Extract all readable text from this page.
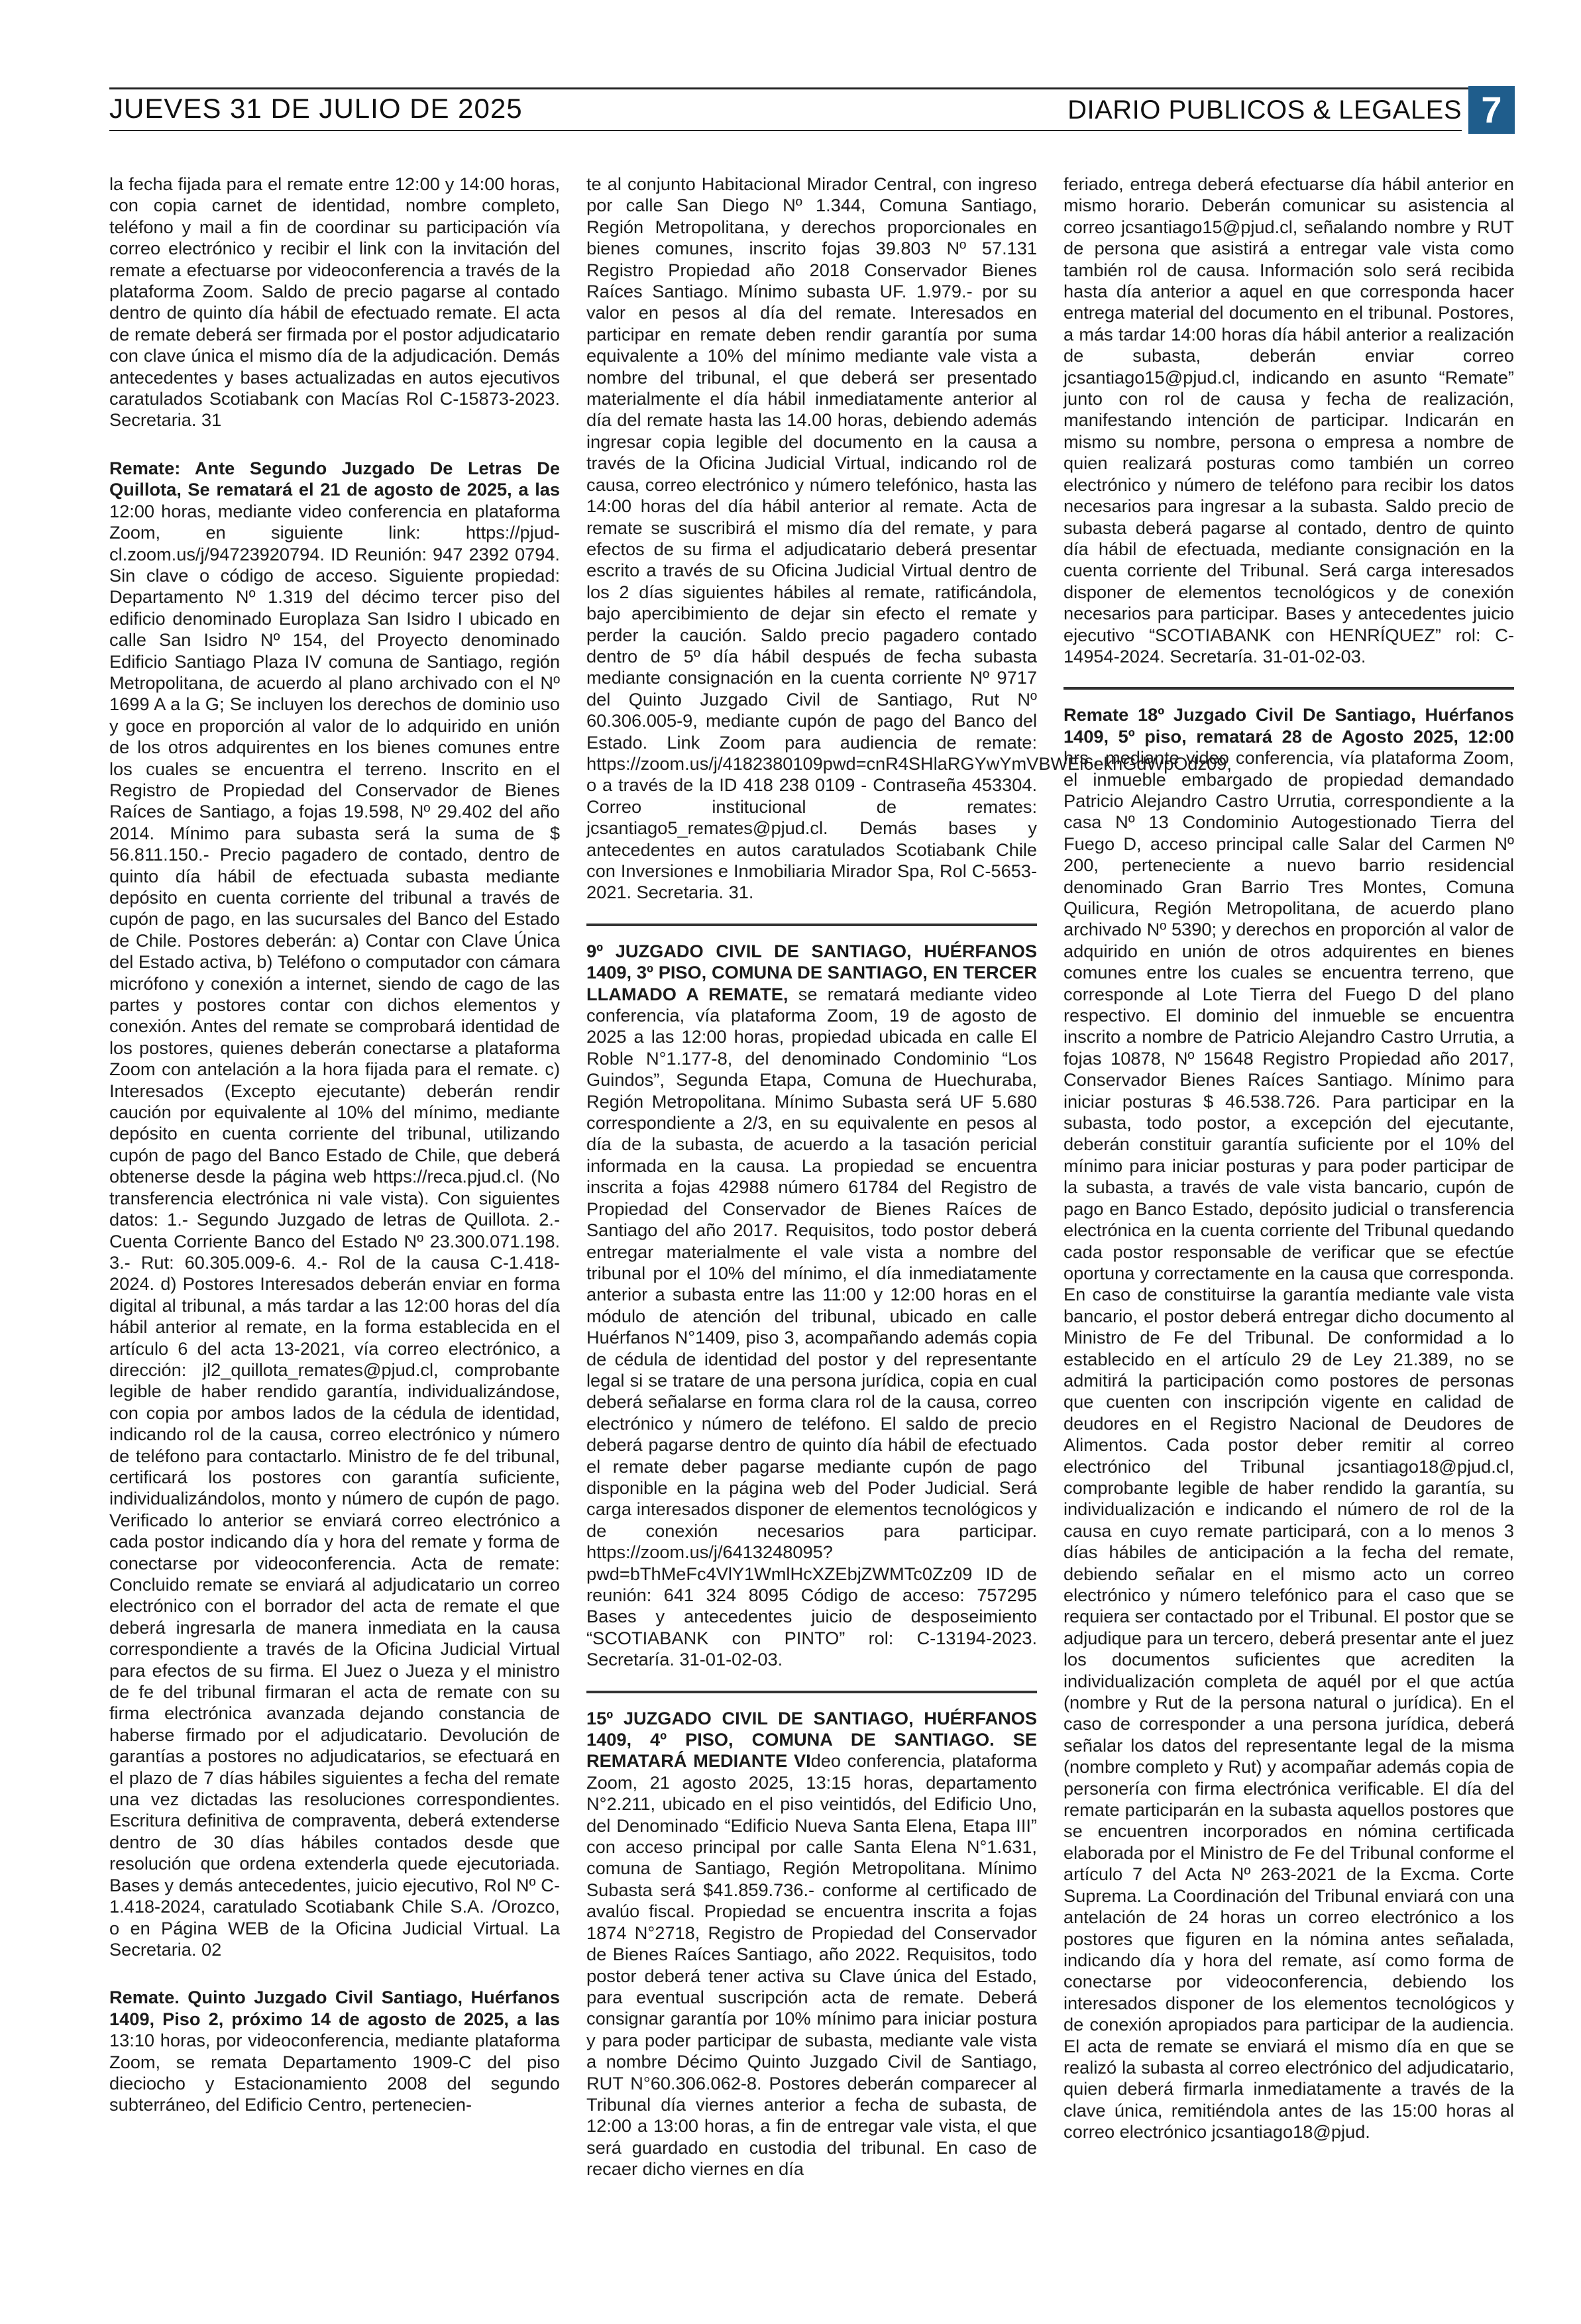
JUEVES 31 DE JULIO DE 2025	DIARIO PUBLICOS & LEGALES 7

la fecha fijada para el remate entre 12:00 y 14:00 horas, con copia carnet de identidad, nombre completo, teléfono y mail a fin de coordinar su participación vía correo electrónico y recibir el link con la invitación del remate a efectuarse por videoconferencia a través de la plataforma Zoom. Saldo de precio pagarse al contado dentro de quinto día hábil de efectuado remate. El acta de remate deberá ser firmada por el postor adjudicatario con clave única el mismo día de la adjudicación. Demás antecedentes y bases actualizadas en autos ejecutivos caratulados Scotiabank con Macías Rol C-15873-2023. Secretaria. 31

Remate: Ante Segundo Juzgado De Letras De Quillota, Se rematará el 21 de agosto de 2025, a las 12:00 horas, mediante video conferencia en plataforma Zoom, en siguiente link: https://pjud-cl.zoom.us/j/94723920794. ID Reunión: 947 2392 0794. Sin clave o código de acceso. Siguiente propiedad: Departamento Nº 1.319 del décimo tercer piso del edificio denominado Europlaza San Isidro I ubicado en calle San Isidro Nº 154, del Proyecto denominado Edificio Santiago Plaza IV comuna de Santiago, región Metropolitana, de acuerdo al plano archivado con el Nº 1699 A a la G; Se incluyen los derechos de dominio uso y goce en proporción al valor de lo adquirido en unión de los otros adquirentes en los bienes comunes entre los cuales se encuentra el terreno. Inscrito en el Registro de Propiedad del Conservador de Bienes Raíces de Santiago, a fojas 19.598, Nº 29.402 del año 2014. Mínimo para subasta será la suma de $ 56.811.150.- Precio pagadero de contado, dentro de quinto día hábil de efectuada subasta mediante depósito en cuenta corriente del tribunal a través de cupón de pago, en las sucursales del Banco del Estado de Chile. Postores deberán: a) Contar con Clave Única del Estado activa, b) Teléfono o computador con cámara micrófono y conexión a internet, siendo de cago de las partes y postores contar con dichos elementos y conexión. Antes del remate se comprobará identidad de los postores, quienes deberán conectarse a plataforma Zoom con antelación a la hora fijada para el remate. c) Interesados (Excepto ejecutante) deberán rendir caución por equivalente al 10% del mínimo, mediante depósito en cuenta corriente del tribunal, utilizando cupón de pago del Banco Estado de Chile, que deberá obtenerse desde la página web https://reca.pjud.cl. (No transferencia electrónica ni vale vista). Con siguientes datos: 1.- Segundo Juzgado de letras de Quillota. 2.- Cuenta Corriente Banco del Estado Nº 23.300.071.198. 3.- Rut: 60.305.009-6. 4.- Rol de la causa C-1.418-2024. d) Postores Interesados deberán enviar en forma digital al tribunal, a más tardar a las 12:00 horas del día hábil anterior al remate, en la forma establecida en el artículo 6 del acta 13-2021, vía correo electrónico, a dirección: jl2_quillota_remates@pjud.cl, comprobante legible de haber rendido garantía, individualizándose, con copia por ambos lados de la cédula de identidad, indicando rol de la causa, correo electrónico y número de teléfono para contactarlo. Ministro de fe del tribunal, certificará los postores con garantía suficiente, individualizándolos, monto y número de cupón de pago. Verificado lo anterior se enviará correo electrónico a cada postor indicando día y hora del remate y forma de conectarse por videoconferencia. Acta de remate: Concluido remate se enviará al adjudicatario un correo electrónico con el borrador del acta de remate el que deberá ingresarla de manera inmediata en la causa correspondiente a través de la Oficina Judicial Virtual para efectos de su firma. El Juez o Jueza y el ministro de fe del tribunal firmaran el acta de remate con su firma electrónica avanzada dejando constancia de haberse firmado por el adjudicatario. Devolución de garantías a postores no adjudicatarios, se efectuará en el plazo de 7 días hábiles siguientes a fecha del remate una vez dictadas las resoluciones correspondientes. Escritura definitiva de compraventa, deberá extenderse dentro de 30 días hábiles contados desde que resolución que ordena extenderla quede ejecutoriada. Bases y demás antecedentes, juicio ejecutivo, Rol Nº C-1.418-2024, caratulado Scotiabank Chile S.A. /Orozco, o en Página WEB de la Oficina Judicial Virtual. La Secretaria. 02

Remate. Quinto Juzgado Civil Santiago, Huérfanos 1409, Piso 2, próximo 14 de agosto de 2025, a las 13:10 horas, por videoconferencia, mediante plataforma Zoom, se remata Departamento 1909-C del piso dieciocho y Estacionamiento 2008 del segundo subterráneo, del Edificio Centro, pertenecien-

te al conjunto Habitacional Mirador Central, con ingreso por calle San Diego Nº 1.344, Comuna Santiago, Región Metropolitana, y derechos proporcionales en bienes comunes, inscrito fojas 39.803 Nº 57.131 Registro Propiedad año 2018 Conservador Bienes Raíces Santiago. Mínimo subasta UF. 1.979.- por su valor en pesos al día del remate. Interesados en participar en remate deben rendir garantía por suma equivalente a 10% del mínimo mediante vale vista a nombre del tribunal, el que deberá ser presentado materialmente el día hábil inmediatamente anterior al día del remate hasta las 14.00 horas, debiendo además ingresar copia legible del documento en la causa a través de la Oficina Judicial Virtual, indicando rol de causa, correo electrónico y número telefónico, hasta las 14:00 horas del día hábil anterior al remate. Acta de remate se suscribirá el mismo día del remate, y para efectos de su firma el adjudicatario deberá presentar escrito a través de su Oficina Judicial Virtual dentro de los 2 días siguientes hábiles al remate, ratificándola, bajo apercibimiento de dejar sin efecto el remate y perder la caución. Saldo precio pagadero contado dentro de 5º día hábil después de fecha subasta mediante consignación en la cuenta corriente Nº 9717 del Quinto Juzgado Civil de Santiago, Rut Nº 60.306.005-9, mediante cupón de pago del Banco del Estado. Link Zoom para audiencia de remate: https://zoom.us/j/4182380109pwd=cnR4SHlaRGYwYmVBWEl6ekhGdWpOdz09, o a través de la ID 418 238 0109 - Contraseña 453304. Correo institucional de remates: jcsantiago5_remates@pjud.cl. Demás bases y antecedentes en autos caratulados Scotiabank Chile con Inversiones e Inmobiliaria Mirador Spa, Rol C-5653-2021. Secretaria. 31.

9º JUZGADO CIVIL DE SANTIAGO, HUÉRFANOS 1409, 3º PISO, COMUNA DE SANTIAGO, EN TERCER LLAMADO A REMATE, se rematará mediante video conferencia, vía plataforma Zoom, 19 de agosto de 2025 a las 12:00 horas, propiedad ubicada en calle El Roble N°1.177-8, del denominado Condominio “Los Guindos”, Segunda Etapa, Comuna de Huechuraba, Región Metropolitana. Mínimo Subasta será UF 5.680 correspondiente a 2/3, en su equivalente en pesos al día de la subasta, de acuerdo a la tasación pericial informada en la causa. La propiedad se encuentra inscrita a fojas 42988 número 61784 del Registro de Propiedad del Conservador de Bienes Raíces de Santiago del año 2017. Requisitos, todo postor deberá entregar materialmente el vale vista a nombre del tribunal por el 10% del mínimo, el día inmediatamente anterior a subasta entre las 11:00 y 12:00 horas en el módulo de atención del tribunal, ubicado en calle Huérfanos N°1409, piso 3, acompañando además copia de cédula de identidad del postor y del representante legal si se tratare de una persona jurídica, copia en cual deberá señalarse en forma clara rol de la causa, correo electrónico y número de teléfono. El saldo de precio deberá pagarse dentro de quinto día hábil de efectuado el remate deber pagarse mediante cupón de pago disponible en la página web del Poder Judicial. Será carga interesados disponer de elementos tecnológicos y de conexión necesarios para participar. https://zoom.us/j/6413248095?pwd=bThMeFc4VlY1WmlHcXZEbjZWMTc0Zz09 ID de reunión: 641 324 8095 Código de acceso: 757295 Bases y antecedentes juicio de desposeimiento “SCOTIABANK con PINTO” rol: C-13194-2023. Secretaría. 31-01-02-03.

15º JUZGADO CIVIL DE SANTIAGO, HUÉRFANOS 1409, 4º PISO, COMUNA DE SANTIAGO. SE REMATARÁ MEDIANTE VIdeo conferencia, plataforma Zoom, 21 agosto 2025, 13:15 horas, departamento N°2.211, ubicado en el piso veintidós, del Edificio Uno, del Denominado “Edificio Nueva Santa Elena, Etapa III” con acceso principal por calle Santa Elena N°1.631, comuna de Santiago, Región Metropolitana. Mínimo Subasta será $41.859.736.- conforme al certificado de avalúo fiscal. Propiedad se encuentra inscrita a fojas 1874 N°2718, Registro de Propiedad del Conservador de Bienes Raíces Santiago, año 2022. Requisitos, todo postor deberá tener activa su Clave única del Estado, para eventual suscripción acta de remate. Deberá consignar garantía por 10% mínimo para iniciar postura y para poder participar de subasta, mediante vale vista a nombre Décimo Quinto Juzgado Civil de Santiago, RUT N°60.306.062-8. Postores deberán comparecer al Tribunal día viernes anterior a fecha de subasta, de 12:00 a 13:00 horas, a fin de entregar vale vista, el que será guardado en custodia del tribunal. En caso de recaer dicho viernes en día

feriado, entrega deberá efectuarse día hábil anterior en mismo horario. Deberán comunicar su asistencia al correo jcsantiago15@pjud.cl, señalando nombre y RUT de persona que asistirá a entregar vale vista como también rol de causa. Información solo será recibida hasta día anterior a aquel en que corresponda hacer entrega material del documento en el tribunal. Postores, a más tardar 14:00 horas día hábil anterior a realización de subasta, deberán enviar correo jcsantiago15@pjud.cl, indicando en asunto “Remate” junto con rol de causa y fecha de realización, manifestando intención de participar. Indicarán en mismo su nombre, persona o empresa a nombre de quien realizará posturas como también un correo electrónico y número de teléfono para recibir los datos necesarios para ingresar a la subasta. Saldo precio de subasta deberá pagarse al contado, dentro de quinto día hábil de efectuada, mediante consignación en la cuenta corriente del Tribunal. Será carga interesados disponer de elementos tecnológicos y de conexión necesarios para participar. Bases y antecedentes juicio ejecutivo “SCOTIABANK con HENRÍQUEZ” rol: C-14954-2024. Secretaría. 31-01-02-03.

Remate 18º Juzgado Civil De Santiago, Huérfanos 1409, 5º piso, rematará 28 de Agosto 2025, 12:00 hrs., mediante video conferencia, vía plataforma Zoom, el inmueble embargado de propiedad demandado Patricio Alejandro Castro Urrutia, correspondiente a la casa Nº 13 Condominio Autogestionado Tierra del Fuego D, acceso principal calle Salar del Carmen Nº 200, perteneciente a nuevo barrio residencial denominado Gran Barrio Tres Montes, Comuna Quilicura, Región Metropolitana, de acuerdo plano archivado Nº 5390; y derechos en proporción al valor de adquirido en unión de otros adquirentes en bienes comunes entre los cuales se encuentra terreno, que corresponde al Lote Tierra del Fuego D del plano respectivo. El dominio del inmueble se encuentra inscrito a nombre de Patricio Alejandro Castro Urrutia, a fojas 10878, Nº 15648 Registro Propiedad año 2017, Conservador Bienes Raíces Santiago. Mínimo para iniciar posturas $ 46.538.726. Para participar en la subasta, todo postor, a excepción del ejecutante, deberán constituir garantía suficiente por el 10% del mínimo para iniciar posturas y para poder participar de la subasta, a través de vale vista bancario, cupón de pago en Banco Estado, depósito judicial o transferencia electrónica en la cuenta corriente del Tribunal quedando cada postor responsable de verificar que se efectúe oportuna y correctamente en la causa que corresponda. En caso de constituirse la garantía mediante vale vista bancario, el postor deberá entregar dicho documento al Ministro de Fe del Tribunal. De conformidad a lo establecido en el artículo 29 de Ley 21.389, no se admitirá la participación como postores de personas que cuenten con inscripción vigente en calidad de deudores en el Registro Nacional de Deudores de Alimentos. Cada postor deber remitir al correo electrónico del Tribunal jcsantiago18@pjud.cl, comprobante legible de haber rendido la garantía, su individualización e indicando el número de rol de la causa en cuyo remate participará, con a lo menos 3 días hábiles de anticipación a la fecha del remate, debiendo señalar en el mismo acto un correo electrónico y número telefónico para el caso que se requiera ser contactado por el Tribunal. El postor que se adjudique para un tercero, deberá presentar ante el juez los documentos suficientes que acrediten la individualización completa de aquél por el que actúa (nombre y Rut de la persona natural o jurídica). En el caso de corresponder a una persona jurídica, deberá señalar los datos del representante legal de la misma (nombre completo y Rut) y acompañar además copia de personería con firma electrónica verificable. El día del remate participarán en la subasta aquellos postores que se encuentren incorporados en nómina certificada elaborada por el Ministro de Fe del Tribunal conforme el artículo 7 del Acta Nº 263-2021 de la Excma. Corte Suprema. La Coordinación del Tribunal enviará con una antelación de 24 horas un correo electrónico a los postores que figuren en la nómina antes señalada, indicando día y hora del remate, así como forma de conectarse por videoconferencia, debiendo los interesados disponer de los elementos tecnológicos y de conexión apropiados para participar de la audiencia. El acta de remate se enviará el mismo día en que se realizó la subasta al correo electrónico del adjudicatario, quien deberá firmarla inmediatamente a través de la clave única, remitiéndola antes de las 15:00 horas al correo electrónico jcsantiago18@pjud.
